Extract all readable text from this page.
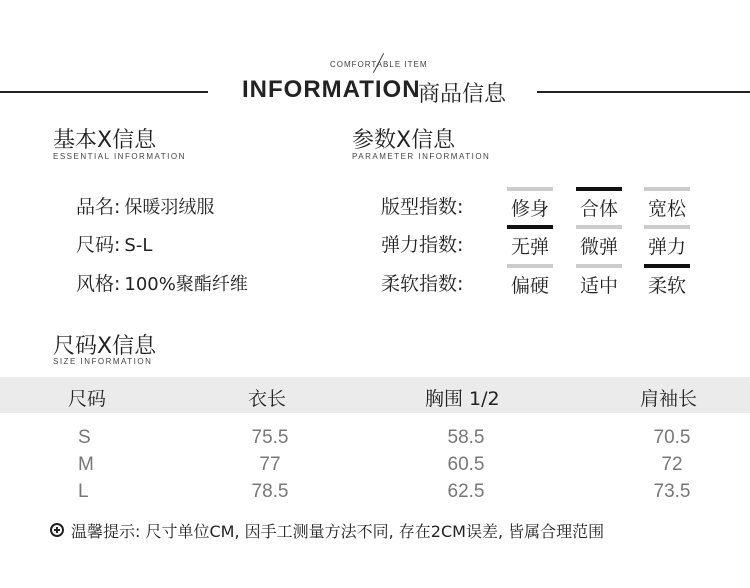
COMFORTABLE ITEM
INFORMATION
商品信息
基本X信息
ESSENTIAL INFORMATION
品名: 保暖羽绒服
尺码: S-L
风格: 100%聚酯纤维
参数X信息
PARAMETER INFORMATION
版型指数:	修身 合体 宽松
弹力指数:	无弹 微弹 弹力
柔软指数:	偏硬 适中 柔软
尺码X信息
SIZE INFORMATION
尺码	衣长	胸围 1/2	肩袖长
S	75.5	58.5	70.5
M	77	60.5	72
L	78.5	62.5	73.5
温馨提示: 尺寸单位CM, 因手工测量方法不同, 存在2CM误差, 皆属合理范围
